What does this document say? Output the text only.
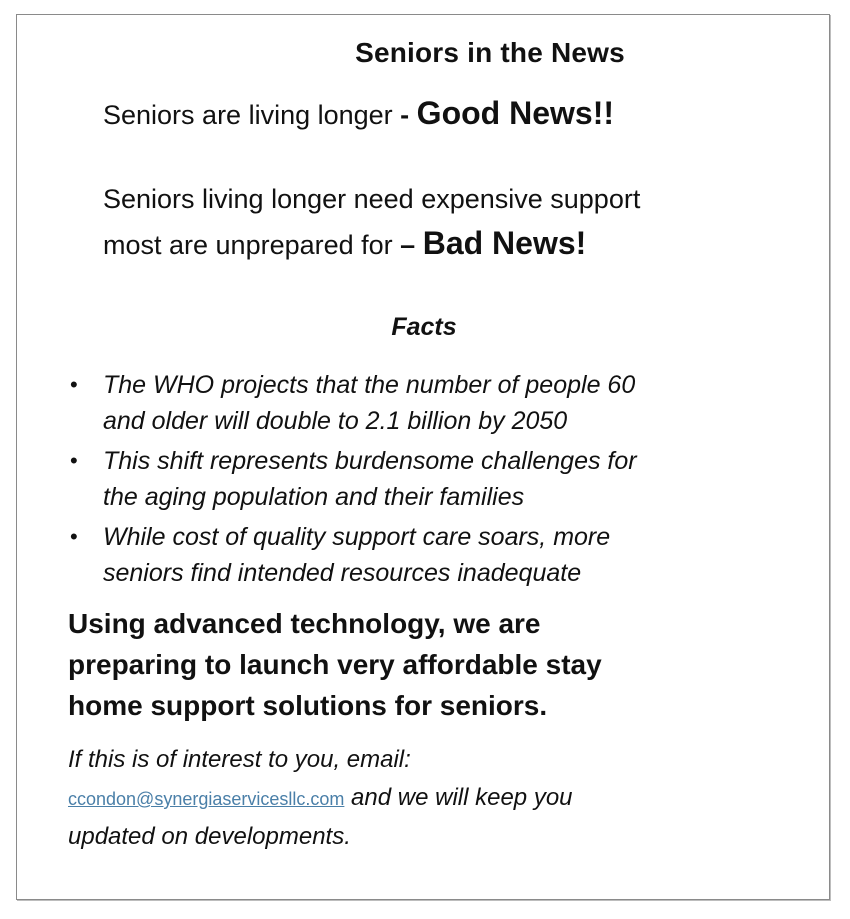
Seniors in the News
Seniors are living longer - Good News!!
Seniors living longer need expensive support
most are unprepared for – Bad News!
Facts
• The WHO projects that the number of people 60
and older will double to 2.1 billion by 2050
• This shift represents burdensome challenges for
the aging population and their families
• While cost of quality support care soars, more
seniors find intended resources inadequate
Using advanced technology, we are
preparing to launch very affordable stay
home support solutions for seniors.
If this is of interest to you, email:
ccondon@synergiaservicesllc.com and we will keep you
updated on developments.
